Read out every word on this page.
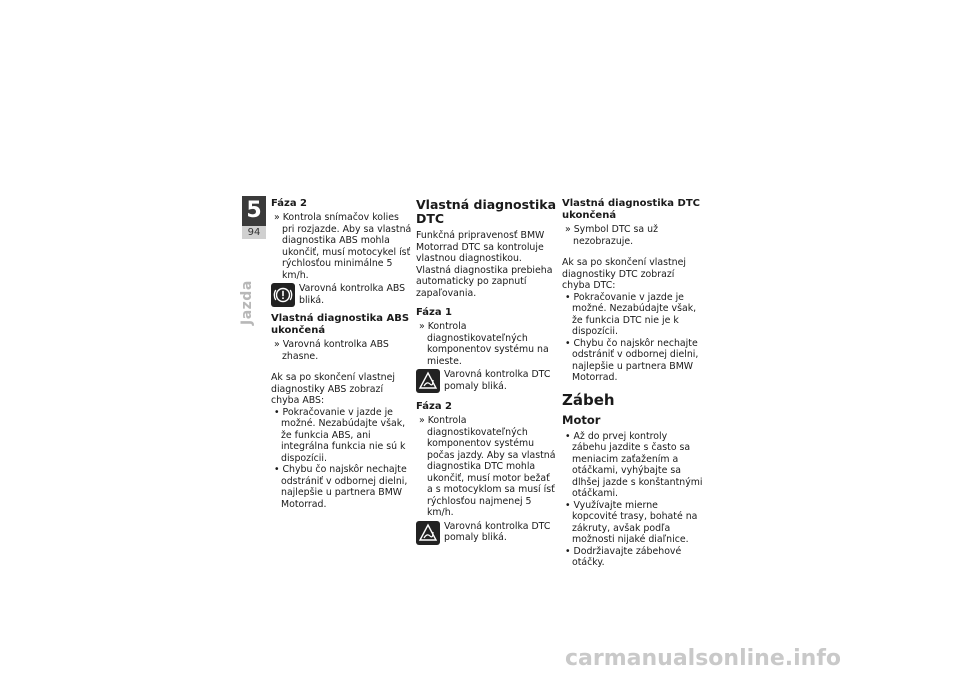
5
94
Jazda
Fáza 2

» Kontrola snímačov kolies pri rozjazde. Aby sa vlastná diagnostika ABS mohla ukončiť, musí motocykel ísť rýchlosťou minimálne 5 km/h.

Varovná kontrolka ABS bliká.
Vlastná diagnostika ABS ukončená

» Varovná kontrolka ABS zhasne.

Ak sa po skončení vlastnej diagnostiky ABS zobrazí chyba ABS:

• Pokračovanie v jazde je možné. Nezabúdajte však, že funkcia ABS, ani integrálna funkcia nie sú k dispozícii.
• Chybu čo najskôr nechajte odstrániť v odbornej dielni, najlepšie u partnera BMW Motorrad.
Vlastná diagnostika DTC

Funkčná pripravenosť BMW Motorrad DTC sa kontroluje vlastnou diagnostikou. Vlastná diagnostika prebieha automaticky po zapnutí zapaľovania.

Fáza 1

» Kontrola diagnostikovateľných komponentov systému na mieste.

Varovná kontrolka DTC pomaly bliká.
Fáza 2

» Kontrola diagnostikovateľných komponentov systému počas jazdy. Aby sa vlastná diagnostika DTC mohla ukončiť, musí motor bežať a s motocyklom sa musí ísť rýchlosťou najmenej 5 km/h.

Varovná kontrolka DTC pomaly bliká.
Vlastná diagnostika DTC ukončená

» Symbol DTC sa už nezobrazuje.

Ak sa po skončení vlastnej diagnostiky DTC zobrazí chyba DTC:

• Pokračovanie v jazde je možné. Nezabúdajte však, že funkcia DTC nie je k dispozícii.
• Chybu čo najskôr nechajte odstrániť v odbornej dielni, najlepšie u partnera BMW Motorrad.
Zábeh
Motor
• Až do prvej kontroly zábehu jazdite s často sa meniacim zaťažením a otáčkami, vyhýbajte sa dlhšej jazde s konštantnými otáčkami.
• Využívajte mierne kopcovité trasy, bohaté na zákruty, avšak podľa možnosti nijaké diaľnice.
• Dodržiavajte zábehové otáčky.
carmanualsonline.info
